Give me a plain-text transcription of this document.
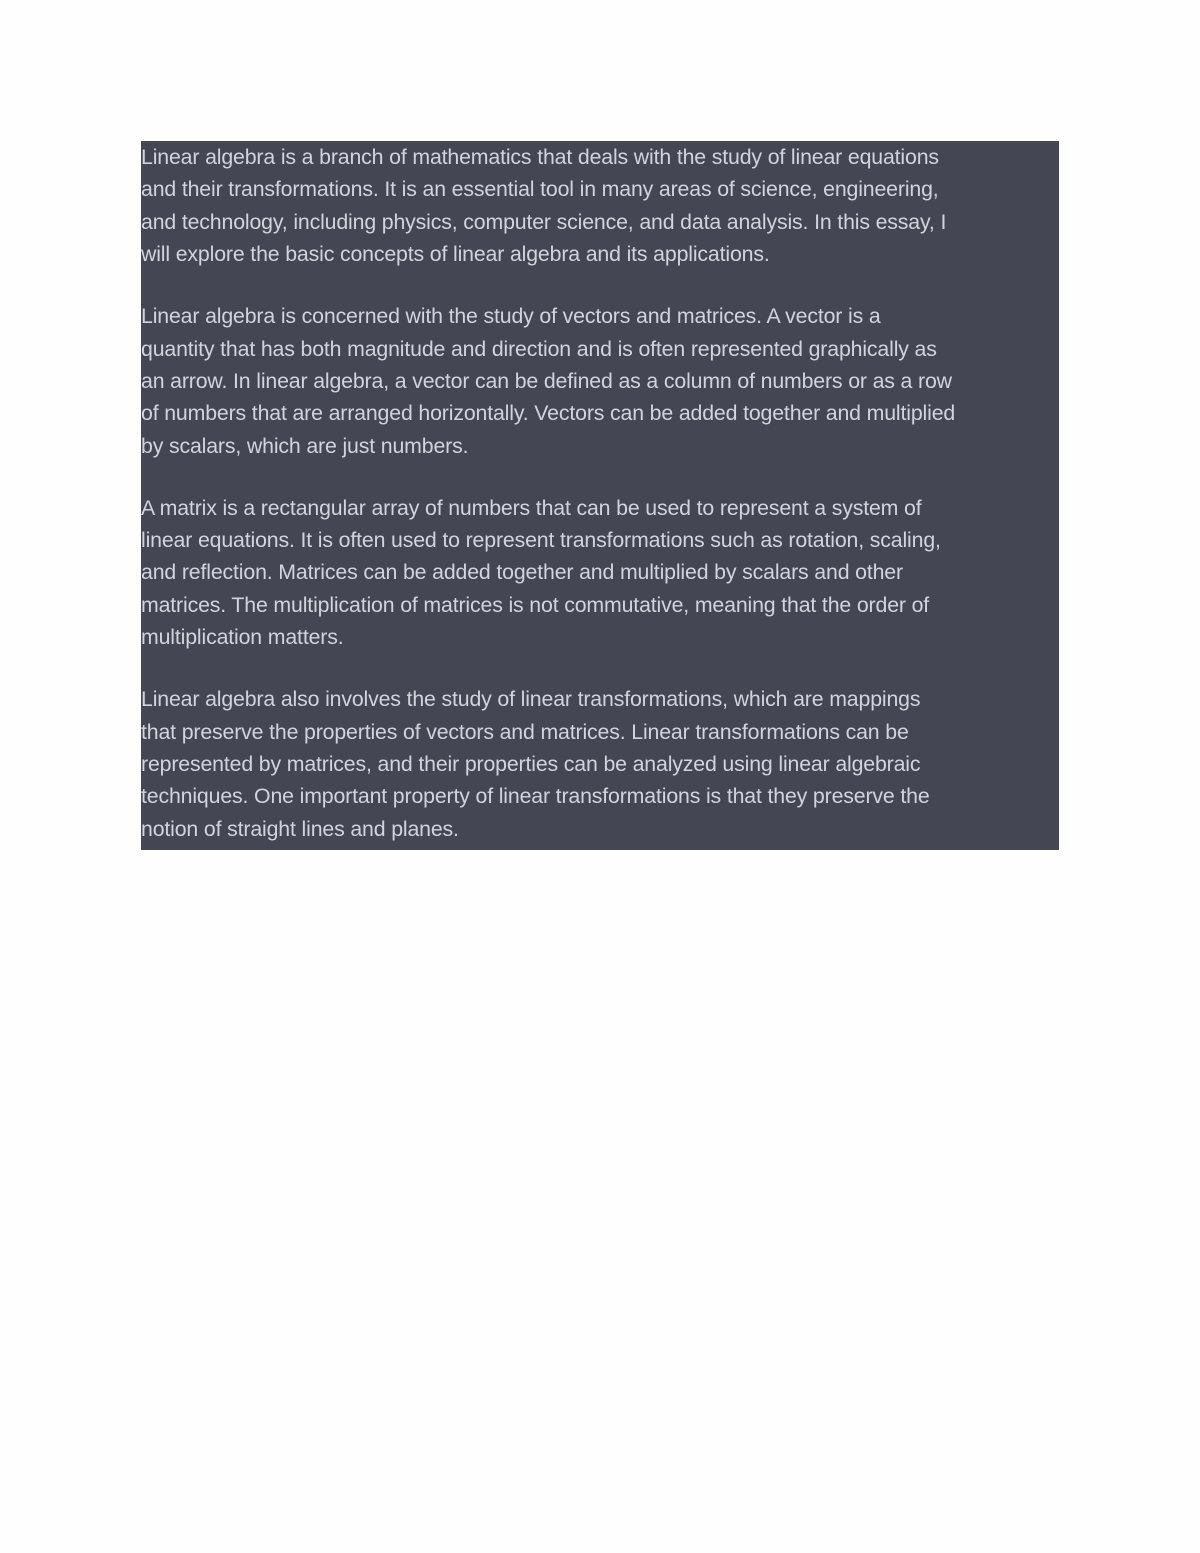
Linear algebra is a branch of mathematics that deals with the study of linear equations
and their transformations. It is an essential tool in many areas of science, engineering,
and technology, including physics, computer science, and data analysis. In this essay, I
will explore the basic concepts of linear algebra and its applications.
Linear algebra is concerned with the study of vectors and matrices. A vector is a
quantity that has both magnitude and direction and is often represented graphically as
an arrow. In linear algebra, a vector can be defined as a column of numbers or as a row
of numbers that are arranged horizontally. Vectors can be added together and multiplied
by scalars, which are just numbers.
A matrix is a rectangular array of numbers that can be used to represent a system of
linear equations. It is often used to represent transformations such as rotation, scaling,
and reflection. Matrices can be added together and multiplied by scalars and other
matrices. The multiplication of matrices is not commutative, meaning that the order of
multiplication matters.
Linear algebra also involves the study of linear transformations, which are mappings
that preserve the properties of vectors and matrices. Linear transformations can be
represented by matrices, and their properties can be analyzed using linear algebraic
techniques. One important property of linear transformations is that they preserve the
notion of straight lines and planes.
